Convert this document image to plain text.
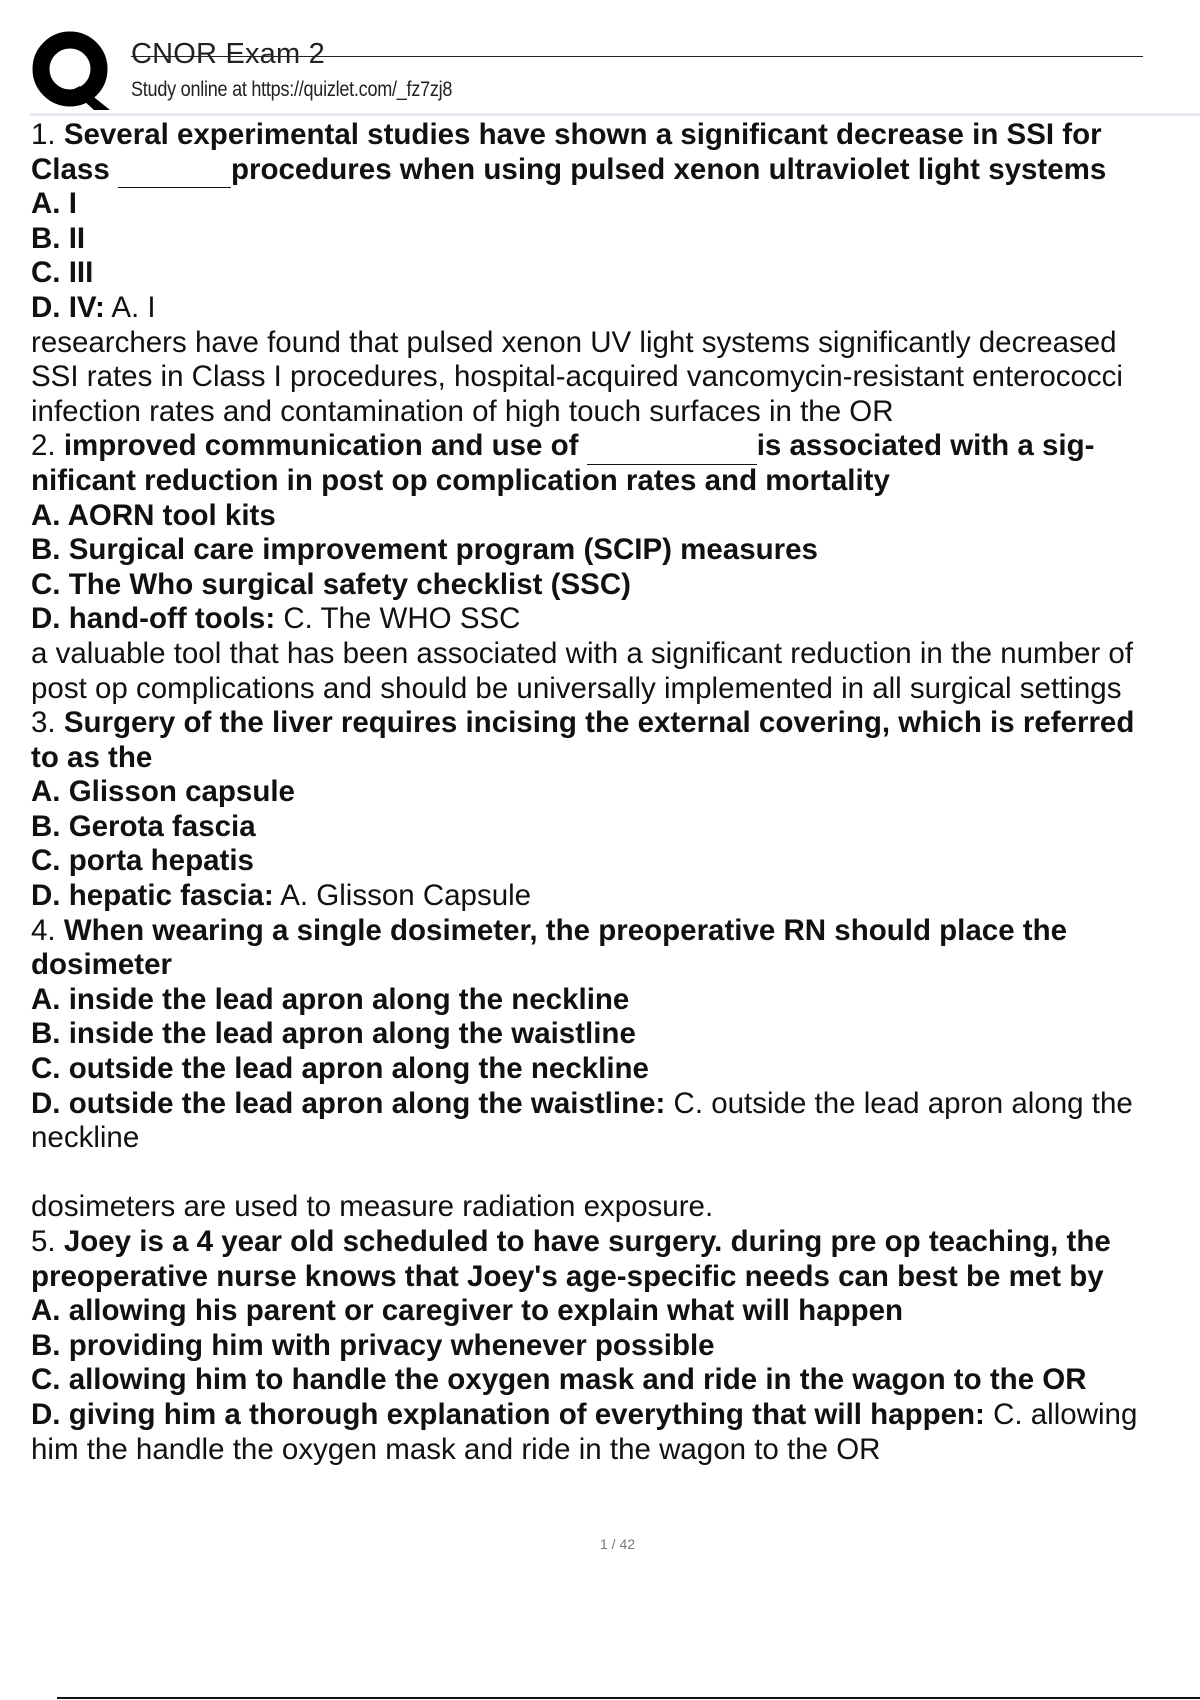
CNOR Exam 2
Study online at https://quizlet.com/_fz7zj8
1. Several experimental studies have shown a significant decrease in SSI for
Class	procedures when using pulsed xenon ultraviolet light systems
A. I
B. II
C. III
D. IV: A. I
researchers have found that pulsed xenon UV light systems significantly decreased
SSI rates in Class I procedures, hospital-acquired vancomycin-resistant enterococci
infection rates and contamination of high touch surfaces in the OR
2. improved communication and use of	is associated with a sig-
nificant reduction in post op complication rates and mortality
A. AORN tool kits
B. Surgical care improvement program (SCIP) measures
C. The Who surgical safety checklist (SSC)
D. hand-off tools: C. The WHO SSC
a valuable tool that has been associated with a significant reduction in the number of
post op complications and should be universally implemented in all surgical settings
3. Surgery of the liver requires incising the external covering, which is referred
to as the
A. Glisson capsule
B. Gerota fascia
C. porta hepatis
D. hepatic fascia: A. Glisson Capsule
4. When wearing a single dosimeter, the preoperative RN should place the
dosimeter
A. inside the lead apron along the neckline
B. inside the lead apron along the waistline
C. outside the lead apron along the neckline
D. outside the lead apron along the waistline: C. outside the lead apron along the
neckline
dosimeters are used to measure radiation exposure.
5. Joey is a 4 year old scheduled to have surgery. during pre op teaching, the
preoperative nurse knows that Joey's age-specific needs can best be met by
A. allowing his parent or caregiver to explain what will happen
B. providing him with privacy whenever possible
C. allowing him to handle the oxygen mask and ride in the wagon to the OR
D. giving him a thorough explanation of everything that will happen: C. allowing
him the handle the oxygen mask and ride in the wagon to the OR
1 / 42
